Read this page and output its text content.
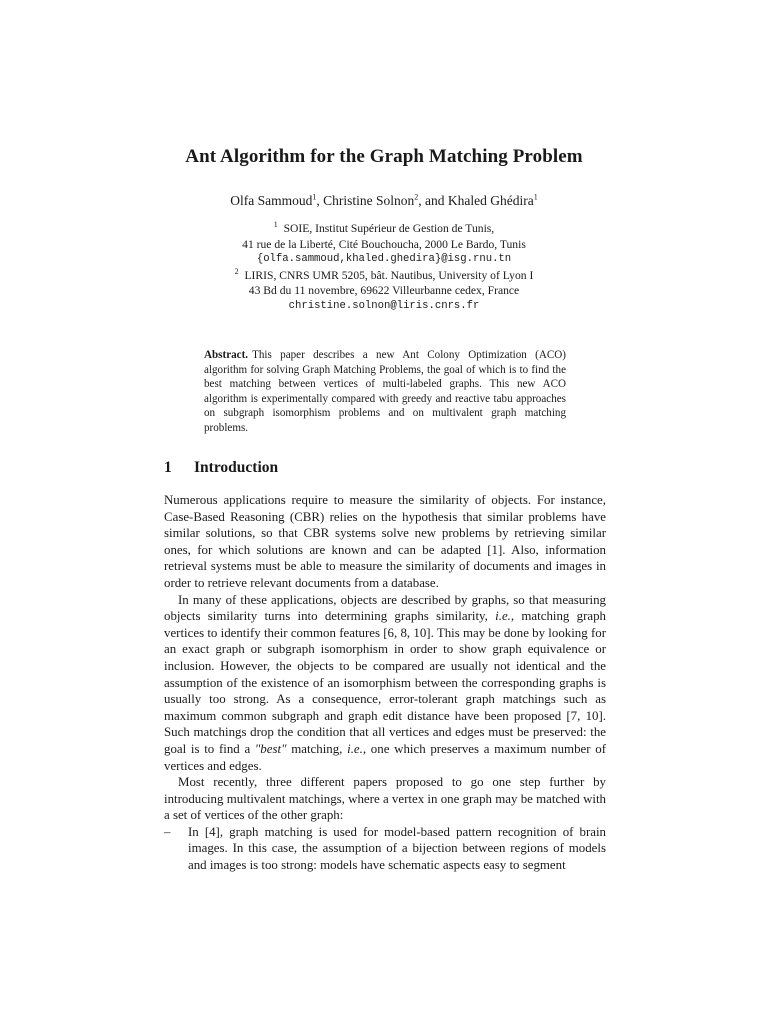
Ant Algorithm for the Graph Matching Problem
Olfa Sammoud$^1$, Christine Solnon$^2$, and Khaled Ghédira$^1$
$^1$ SOIE, Institut Supérieur de Gestion de Tunis,
41 rue de la Liberté, Cité Bouchoucha, 2000 Le Bardo, Tunis
{olfa.sammoud,khaled.ghedira}@isg.rnu.tn
$^2$ LIRIS, CNRS UMR 5205, bât. Nautibus, University of Lyon I
43 Bd du 11 novembre, 69622 Villeurbanne cedex, France
christine.solnon@liris.cnrs.fr
Abstract. This paper describes a new Ant Colony Optimization (ACO) algorithm for solving Graph Matching Problems, the goal of which is to find the best matching between vertices of multi-labeled graphs. This new ACO algorithm is experimentally compared with greedy and reactive tabu approaches on subgraph isomorphism problems and on multivalent graph matching problems.
1 Introduction

Numerous applications require to measure the similarity of objects. For instance, Case-Based Reasoning (CBR) relies on the hypothesis that similar problems have similar solutions, so that CBR systems solve new problems by retrieving similar ones, for which solutions are known and can be adapted [1]. Also, information retrieval systems must be able to measure the similarity of documents and images in order to retrieve relevant documents from a database.

In many of these applications, objects are described by graphs, so that measuring objects similarity turns into determining graphs similarity, i.e., matching graph vertices to identify their common features [6, 8, 10]. This may be done by looking for an exact graph or subgraph isomorphism in order to show graph equivalence or inclusion. However, the objects to be compared are usually not identical and the assumption of the existence of an isomorphism between the corresponding graphs is usually too strong. As a consequence, error-tolerant graph matchings such as maximum common subgraph and graph edit distance have been proposed [7, 10]. Such matchings drop the condition that all vertices and edges must be preserved: the goal is to find a "best" matching, i.e., one which preserves a maximum number of vertices and edges.

Most recently, three different papers proposed to go one step further by introducing multivalent matchings, where a vertex in one graph may be matched with a set of vertices of the other graph:

– In [4], graph matching is used for model-based pattern recognition of brain images. In this case, the assumption of a bijection between regions of models and images is too strong: models have schematic aspects easy to segment
